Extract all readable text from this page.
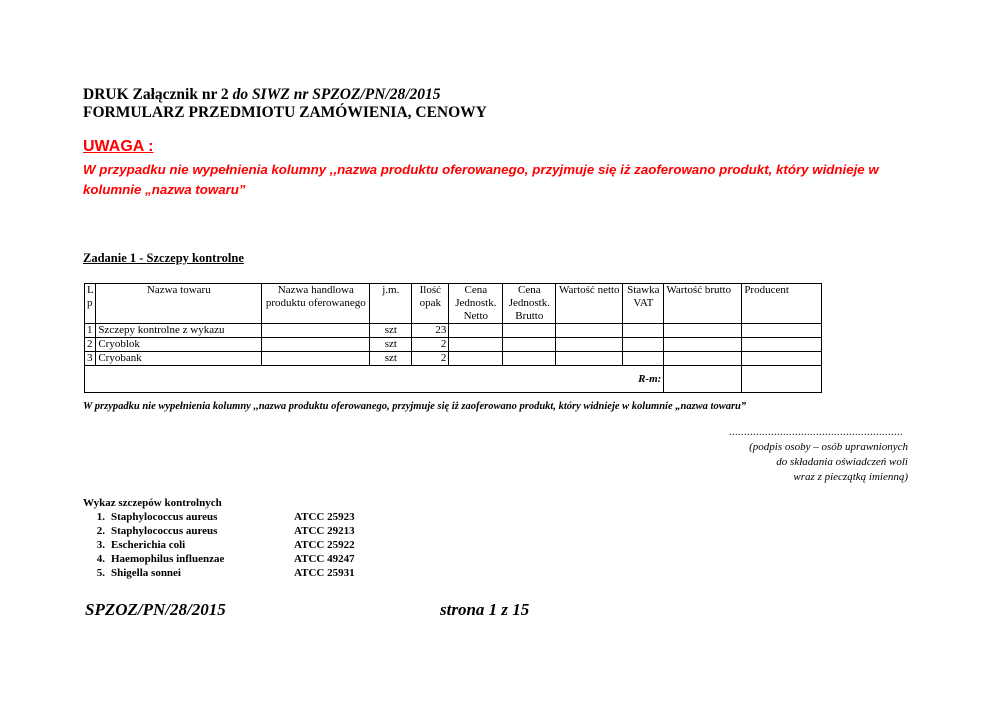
DRUK Załącznik nr 2 do SIWZ nr SPZOZ/PN/28/2015
FORMULARZ PRZEDMIOTU ZAMÓWIENIA, CENOWY
UWAGA :
W przypadku nie wypełnienia kolumny ,,nazwa produktu oferowanego, przyjmuje się iż zaoferowano produkt, który widnieje w kolumnie „nazwa towaru”
Zadanie 1 - Szczepy kontrolne
L p	Nazwa towaru	Nazwa handlowa produktu oferowanego	j.m.	Ilość opak	Cena Jednostk. Netto	Cena Jednostk. Brutto	Wartość netto	Stawka VAT	Wartość brutto	Producent
1	Szczepy kontrolne z wykazu		szt	23						
2	Cryoblok		szt	2						
3	Cryobank		szt	2						
R-m:										
W przypadku nie wypełnienia kolumny ,,nazwa produktu oferowanego, przyjmuje się iż zaoferowano produkt, który widnieje w kolumnie „nazwa towaru”
..........................................................
(podpis osoby – osób uprawnionych
do składania oświadczeń woli
wraz z pieczątką imienną)
Wykaz szczepów kontrolnych
1. Staphylococcus aureus	ATCC 25923
2. Staphylococcus aureus	ATCC 29213
3. Escherichia coli	ATCC 25922
4. Haemophilus influenzae	ATCC 49247
5. Shigella sonnei	ATCC 25931
SPZOZ/PN/28/2015	strona 1 z 15
